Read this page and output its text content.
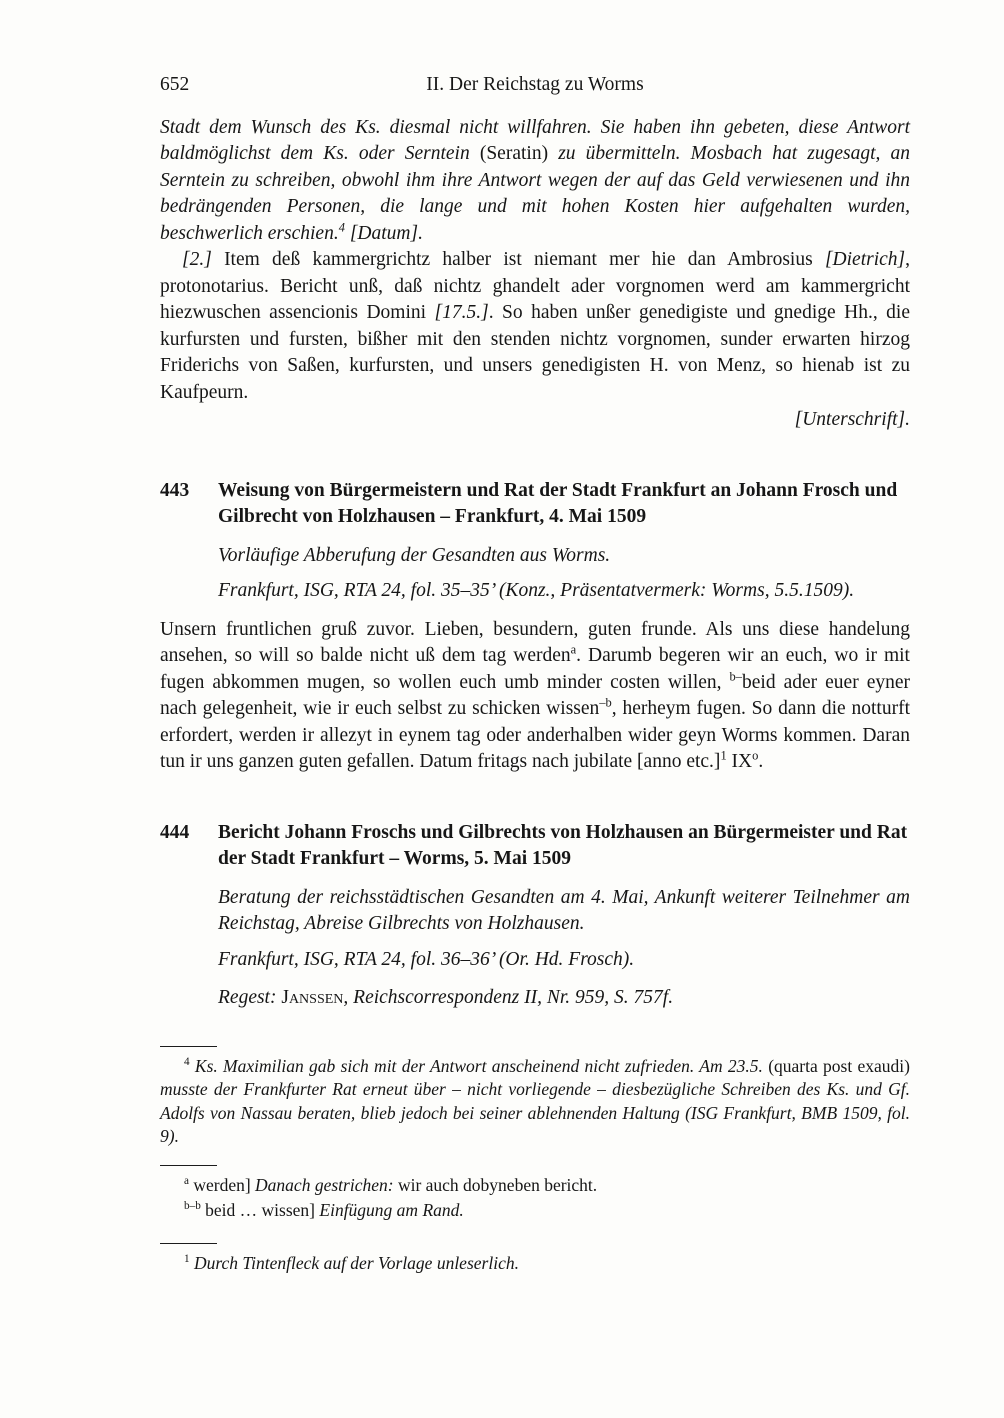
652	II. Der Reichstag zu Worms
Stadt dem Wunsch des Ks. diesmal nicht willfahren. Sie haben ihn gebeten, diese Antwort baldmöglichst dem Ks. oder Serntein (Seratin) zu übermitteln. Mosbach hat zugesagt, an Serntein zu schreiben, obwohl ihm ihre Antwort wegen der auf das Geld verwiesenen und ihn bedrängenden Personen, die lange und mit hohen Kosten hier aufgehalten wurden, beschwerlich erschien.$^4$ [Datum].
[2.] Item deß kammergrichtz halber ist niemant mer hie dan Ambrosius [Dietrich], protonotarius. Bericht unß, daß nichtz ghandelt ader vorgnomen werd am kammergricht hiezwuschen assencionis Domini [17.5.]. So haben unßer genedigiste und gnedige Hh., die kurfursten und fursten, bißher mit den stenden nichtz vorgnomen, sunder erwarten hirzog Friderichs von Saßen, kurfursten, und unsers genedigisten H. von Menz, so hienab ist zu Kaufpeurn.
[Unterschrift].
443	Weisung von Bürgermeistern und Rat der Stadt Frankfurt an Johann Frosch und Gilbrecht von Holzhausen – Frankfurt, 4. Mai 1509
Vorläufige Abberufung der Gesandten aus Worms.
Frankfurt, ISG, RTA 24, fol. 35–35’ (Konz., Präsentatvermerk: Worms, 5.5.1509).
Unsern fruntlichen gruß zuvor. Lieben, besundern, guten frunde. Als uns diese handelung ansehen, so will so balde nicht uß dem tag werden$^a$. Darumb begeren wir an euch, wo ir mit fugen abkommen mugen, so wollen euch umb minder costen willen, $^{b-}$beid ader euer eyner nach gelegenheit, wie ir euch selbst zu schicken wissen$^{-b}$, herheym fugen. So dann die notturft erfordert, werden ir allezyt in eynem tag oder anderhalben wider geyn Worms kommen. Daran tun ir uns ganzen guten gefallen. Datum fritags nach jubilate [anno etc.]$^1$ $IX^o$.
444	Bericht Johann Froschs und Gilbrechts von Holzhausen an Bürgermeister und Rat der Stadt Frankfurt – Worms, 5. Mai 1509
Beratung der reichsstädtischen Gesandten am 4. Mai, Ankunft weiterer Teilnehmer am Reichstag, Abreise Gilbrechts von Holzhausen.
Frankfurt, ISG, RTA 24, fol. 36–36’ (Or. Hd. Frosch).
Regest: Janssen, Reichscorrespondenz II, Nr. 959, S. 757f.
$^4$ Ks. Maximilian gab sich mit der Antwort anscheinend nicht zufrieden. Am 23.5. (quarta post exaudi) musste der Frankfurter Rat erneut über – nicht vorliegende – diesbezügliche Schreiben des Ks. und Gf. Adolfs von Nassau beraten, blieb jedoch bei seiner ablehnenden Haltung (ISG Frankfurt, BMB 1509, fol. 9).
$^a$ werden] Danach gestrichen: wir auch dobyneben bericht.
$^{b-b}$ beid … wissen] Einfügung am Rand.
$^1$ Durch Tintenfleck auf der Vorlage unleserlich.
